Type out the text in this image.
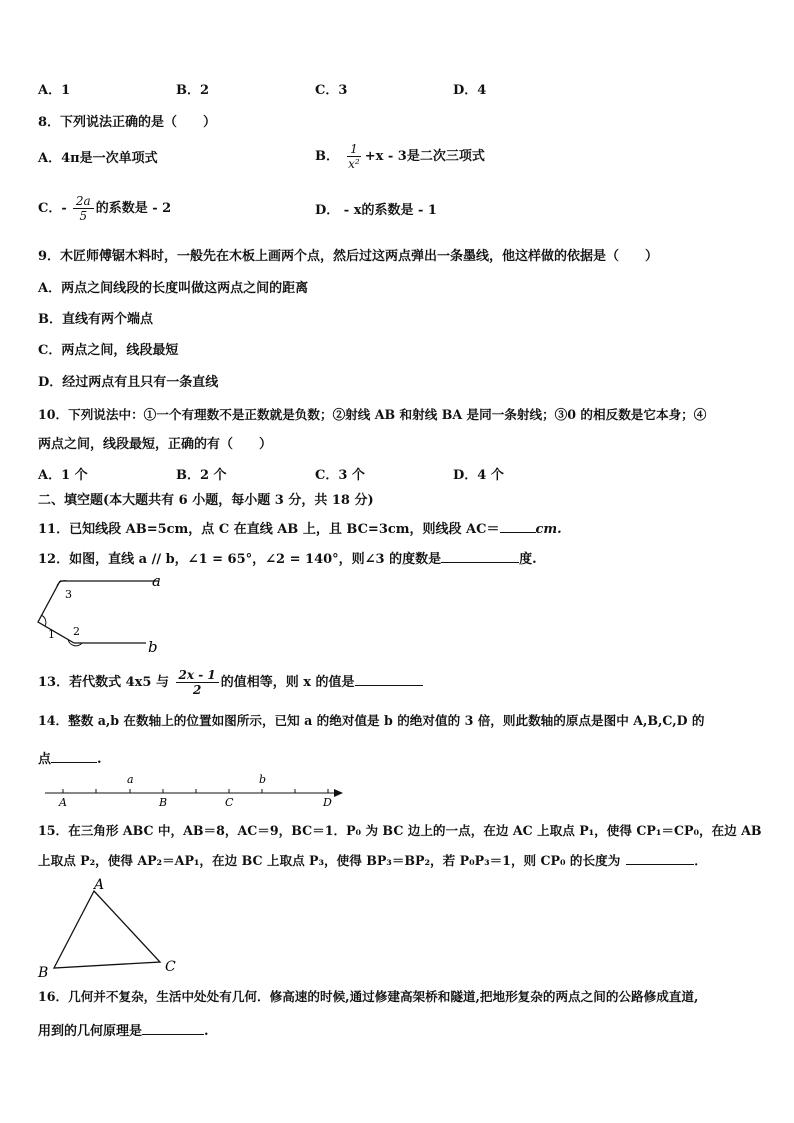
A．1	B．2	C．3	D．4
8．下列说法正确的是（　　）
A．4π是一次单项式	B． $\frac{1}{\text{x²}} +x - 3$是二次三项式
C．- $\frac{2a}{5}$ 的系数是 - 2	D． - x的系数是 - 1
9．木匠师傅锯木料时，一般先在木板上画两个点，然后过这两点弹出一条墨线，他这样做的依据是（　　）
A．两点之间线段的长度叫做这两点之间的距离
B．直线有两个端点
C．两点之间，线段最短
D．经过两点有且只有一条直线
10．下列说法中：①一个有理数不是正数就是负数；②射线 AB 和射线 BA 是同一条射线；③0 的相反数是它本身；④
两点之间，线段最短，正确的有（　　）
A．1 个	B．2 个	C．3 个	D．4 个
二、填空题(本大题共有 6 小题，每小题 3 分，共 18 分)
11．已知线段 AB=5cm，点 C 在直线 AB 上，且 BC=3cm，则线段 AC＝	cm.
12．如图，直线 a // b，∠1 = 65°，∠2 = 140°，则∠3 的度数是	度.
a
b
1 2
3
13．若代数式 4x5 与 $\frac{2x - 1}{2}$ 的值相等，则 x 的值是
14．整数 a,b 在数轴上的位置如图所示，已知 a 的绝对值是 b 的绝对值的 3 倍，则此数轴的原点是图中 A,B,C,D 的
点	.
a	b
A	B	C	D
15．在三角形 ABC 中，AB＝8，AC＝9，BC＝1．P₀ 为 BC 边上的一点，在边 AC 上取点 P₁，使得 CP₁＝CP₀，在边 AB
上取点 P₂，使得 AP₂＝AP₁，在边 BC 上取点 P₃，使得 BP₃＝BP₂，若 P₀P₃＝1，则 CP₀ 的长度为	．
A
B	C
16．几何并不复杂，生活中处处有几何．修高速的时候,通过修建高架桥和隧道,把地形复杂的两点之间的公路修成直道,
用到的几何原理是	.
